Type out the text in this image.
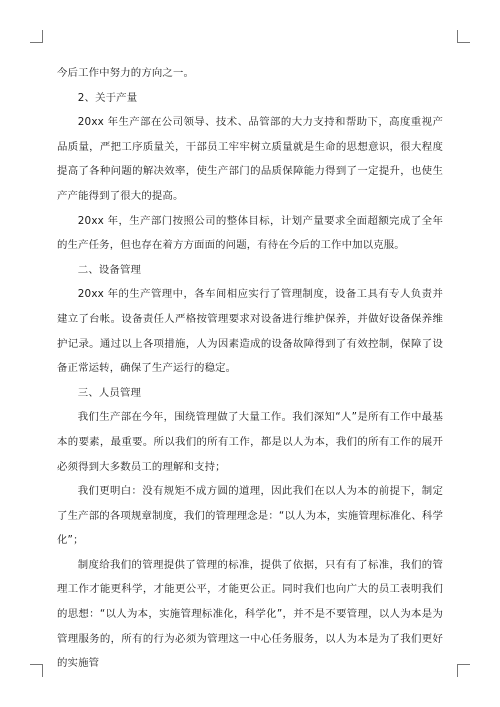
今后工作中努力的方向之一。

2、关于产量

20xx 年生产部在公司领导、技术、品管部的大力支持和帮助下，高度重视产品质量，严把工序质量关，干部员工牢牢树立质量就是生命的思想意识，很大程度提高了各种问题的解决效率，使生产部门的品质保障能力得到了一定提升，也使生产产能得到了很大的提高。

20xx 年，生产部门按照公司的整体目标，计划产量要求全面超额完成了全年的生产任务，但也存在着方方面面的问题，有待在今后的工作中加以克服。

二、设备管理

20xx 年的生产管理中，各车间相应实行了管理制度，设备工具有专人负责并建立了台帐。设备责任人严格按管理要求对设备进行维护保养，并做好设备保养维护记录。通过以上各项措施，人为因素造成的设备故障得到了有效控制，保障了设备正常运转，确保了生产运行的稳定。

三、人员管理

我们生产部在今年，围绕管理做了大量工作。我们深知“人”是所有工作中最基本的要素，最重要。所以我们的所有工作，都是以人为本，我们的所有工作的展开必须得到大多数员工的理解和支持；

我们更明白：没有规矩不成方圆的道理，因此我们在以人为本的前提下，制定了生产部的各项规章制度，我们的管理理念是：“以人为本，实施管理标准化、科学化”；

制度给我们的管理提供了管理的标准，提供了依据，只有有了标准，我们的管理工作才能更科学，才能更公平，才能更公正。同时我们也向广大的员工表明我们的思想：“以人为本，实施管理标准化，科学化”，并不是不要管理，以人为本是为管理服务的，所有的行为必须为管理这一中心任务服务，以人为本是为了我们更好的实施管
